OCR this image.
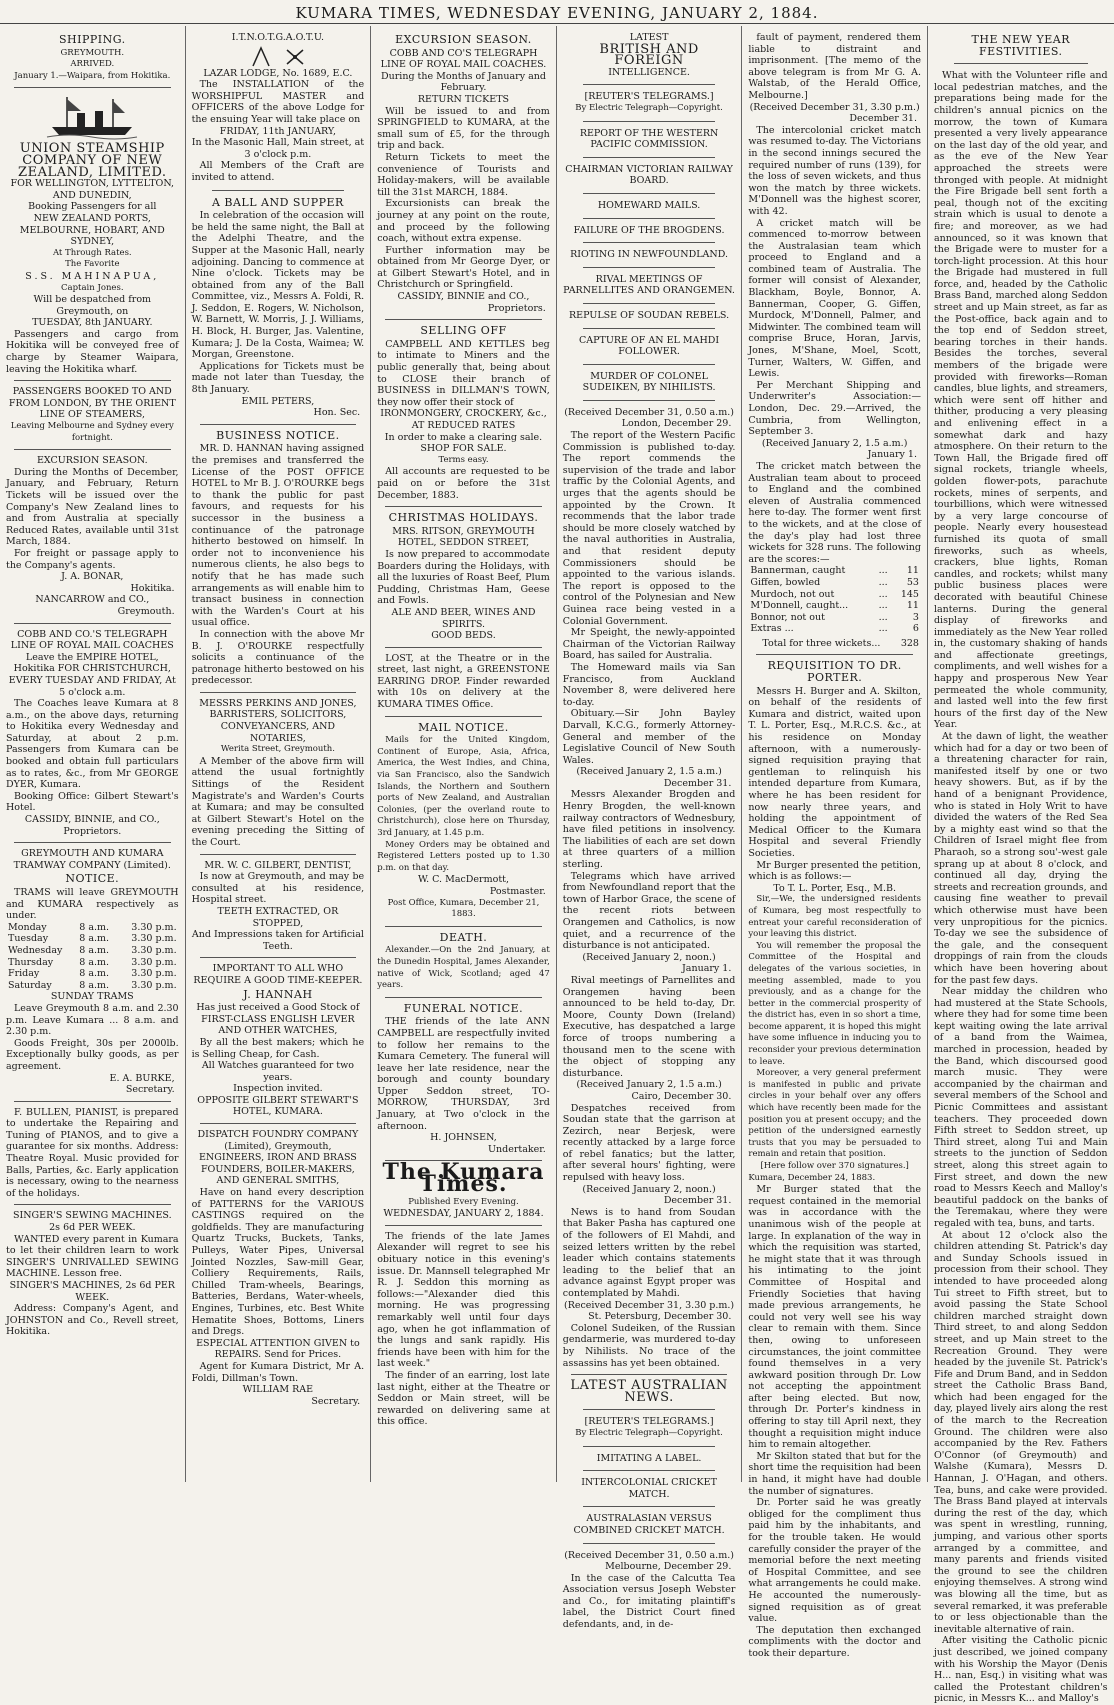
KUMARA TIMES, WEDNESDAY EVENING, JANUARY 2, 1884.
SHIPPING.
GREYMOUTH.
ARRIVED.
January 1.—Waipara, from Hokitika.
UNION STEAMSHIP COMPANY OF NEW ZEALAND, LIMITED.
FOR WELLINGTON, LYTTELTON, AND DUNEDIN,
Booking Passengers for all
NEW ZEALAND PORTS, MELBOURNE, HOBART, AND SYDNEY,
At Through Rates.
The Favorite
S.S. MAHINAPUA,
Captain Jones.
Will be despatched from Greymouth, on
TUESDAY, 8th JANUARY.
Passengers and cargo from Hokitika will be conveyed free of charge by Steamer Waipara, leaving the Hokitika wharf.
PASSENGERS BOOKED TO AND FROM LONDON, BY THE ORIENT LINE OF STEAMERS,
Leaving Melbourne and Sydney every fortnight.
EXCURSION SEASON.
During the Months of December, January, and February, Return Tickets will be issued over the Company's New Zealand lines to and from Australia at specially Reduced Rates, available until 31st March, 1884.
For freight or passage apply to the Company's agents.
J. A. BONAR,
Hokitika.
NANCARROW and CO.,
Greymouth.
COBB AND CO.'S TELEGRAPH LINE OF ROYAL MAIL COACHES
Leave the EMPIRE HOTEL, Hokitika FOR CHRISTCHURCH,
EVERY TUESDAY AND FRIDAY, At 5 o'clock a.m.
The Coaches leave Kumara at 8 a.m., on the above days, returning to Hokitika every Wednesday and Saturday, at about 2 p.m. Passengers from Kumara can be booked and obtain full particulars as to rates, &c., from Mr GEORGE DYER, Kumara.
Booking Office: Gilbert Stewart's Hotel.
CASSIDY, BINNIE, and CO., Proprietors.
GREYMOUTH AND KUMARA TRAMWAY COMPANY (Limited).
NOTICE.
TRAMS will leave GREYMOUTH and KUMARA respectively as under.
Monday	8 a.m.	3.30 p.m.
Tuesday	8 a.m.	3.30 p.m.
Wednesday	8 a.m.	3.30 p.m.
Thursday	8 a.m.	3.30 p.m.
Friday	8 a.m.	3.30 p.m.
Saturday	8 a.m.	3.30 p.m.
SUNDAY TRAMS
Leave Greymouth 8 a.m. and 2.30 p.m. Leave Kumara ... 8 a.m. and 2.30 p.m.
Goods Freight, 30s per 2000lb. Exceptionally bulky goods, as per agreement.
E. A. BURKE,
Secretary.
F. BULLEN, PIANIST, is prepared to undertake the Repairing and Tuning of PIANOS, and to give a guarantee for six months. Address: Theatre Royal. Music provided for Balls, Parties, &c. Early application is necessary, owing to the nearness of the holidays.
SINGER'S SEWING MACHINES.
2s 6d PER WEEK.
WANTED every parent in Kumara to let their children learn to work SINGER'S UNRIVALLED SEWING MACHINE. Lesson free.
SINGER'S MACHINES, 2s 6d PER WEEK.
Address: Company's Agent, and JOHNSTON and Co., Revell street, Hokitika.
I.T.N.O.T.G.A.O.T.U.
LAZAR LODGE, No. 1689, E.C.
The INSTALLATION of the WORSHIPFUL MASTER and OFFICERS of the above Lodge for the ensuing Year will take place on
FRIDAY, 11th JANUARY,
In the Masonic Hall, Main street, at 3 o'clock p.m.
All Members of the Craft are invited to attend.
A BALL AND SUPPER
In celebration of the occasion will be held the same night, the Ball at the Adelphi Theatre, and the Supper at the Masonic Hall, nearly adjoining. Dancing to commence at Nine o'clock. Tickets may be obtained from any of the Ball Committee, viz., Messrs A. Foldi, R. J. Seddon, E. Rogers, W. Nicholson, W. Barnett, W. Morris, J. J. Williams, H. Block, H. Burger, Jas. Valentine, Kumara; J. De la Costa, Waimea; W. Morgan, Greenstone.
Applications for Tickets must be made not later than Tuesday, the 8th January.
EMIL PETERS,
Hon. Sec.
BUSINESS NOTICE.
MR. D. HANNAN having assigned the premises and transferred the License of the POST OFFICE HOTEL to Mr B. J. O'ROURKE begs to thank the public for past favours, and requests for his successor in the business a continuance of the patronage hitherto bestowed on himself. In order not to inconvenience his numerous clients, he also begs to notify that he has made such arrangements as will enable him to transact business in connection with the Warden's Court at his usual office.
In connection with the above Mr B. J. O'ROURKE respectfully solicits a continuance of the patronage hitherto bestowed on his predecessor.
MESSRS PERKINS AND JONES, BARRISTERS, SOLICITORS, CONVEYANCERS, AND NOTARIES,
Werita Street, Greymouth.
A Member of the above firm will attend the usual fortnightly Sittings of the Resident Magistrate's and Warden's Courts at Kumara; and may be consulted at Gilbert Stewart's Hotel on the evening preceding the Sitting of the Court.
MR. W. C. GILBERT, DENTIST,
Is now at Greymouth, and may be consulted at his residence, Hospital street.
TEETH EXTRACTED, OR STOPPED,
And Impressions taken for Artificial Teeth.
IMPORTANT TO ALL WHO REQUIRE A GOOD TIME-KEEPER.
J. HANNAH
Has just received a Good Stock of FIRST-CLASS ENGLISH LEVER AND OTHER WATCHES,
By all the best makers; which he is Selling Cheap, for Cash.
All Watches guaranteed for two years.
Inspection invited.
OPPOSITE GILBERT STEWART'S HOTEL, KUMARA.
DISPATCH FOUNDRY COMPANY (Limited), Greymouth, ENGINEERS, IRON AND BRASS FOUNDERS, BOILER-MAKERS, AND GENERAL SMITHS,
Have on hand every description of PATTERNS for the VARIOUS CASTINGS required on the goldfields. They are manufacturing Quartz Trucks, Buckets, Tanks, Pulleys, Water Pipes, Universal Jointed Nozzles, Saw-mill Gear, Colliery Requirements, Rails, Chilled Tram-wheels, Bearings, Batteries, Berdans, Water-wheels, Engines, Turbines, etc. Best White Hematite Shoes, Bottoms, Liners and Dregs.
ESPECIAL ATTENTION GIVEN to REPAIRS. Send for Prices.
Agent for Kumara District, Mr A. Foldi, Dillman's Town.
WILLIAM RAE
Secretary.
EXCURSION SEASON.
COBB AND CO'S TELEGRAPH LINE OF ROYAL MAIL COACHES.
During the Months of January and February.
RETURN TICKETS
Will be issued to and from SPRINGFIELD to KUMARA, at the small sum of £5, for the through trip and back.
Return Tickets to meet the convenience of Tourists and Holiday-makers, will be available till the 31st MARCH, 1884.
Excursionists can break the journey at any point on the route, and proceed by the following coach, without extra expense.
Further information may be obtained from Mr George Dyer, or at Gilbert Stewart's Hotel, and in Christchurch or Springfield.
CASSIDY, BINNIE and CO.,
Proprietors.
SELLING OFF
CAMPBELL AND KETTLES beg to intimate to Miners and the public generally that, being about to CLOSE their branch of BUSINESS in DILLMAN'S TOWN, they now offer their stock of
IRONMONGERY, CROCKERY, &c., AT REDUCED RATES
In order to make a clearing sale.
SHOP FOR SALE.
Terms easy.
All accounts are requested to be paid on or before the 31st December, 1883.
CHRISTMAS HOLIDAYS.
MRS. RITSON, GREYMOUTH HOTEL, SEDDON STREET,
Is now prepared to accommodate Boarders during the Holidays, with all the luxuries of Roast Beef, Plum Pudding, Christmas Ham, Geese and Fowls.
ALE AND BEER, WINES AND SPIRITS.
GOOD BEDS.
LOST, at the Theatre or in the street, last night, a GREENSTONE EARRING DROP. Finder rewarded with 10s on delivery at the KUMARA TIMES Office.
MAIL NOTICE.
Mails for the United Kingdom, Continent of Europe, Asia, Africa, America, the West Indies, and China, via San Francisco, also the Sandwich Islands, the Northern and Southern ports of New Zealand, and Australian Colonies, (per the overland route to Christchurch), close here on Thursday, 3rd January, at 1.45 p.m.
Money Orders may be obtained and Registered Letters posted up to 1.30 p.m. on that day.
W. C. MacDermott,
Postmaster.
Post Office, Kumara, December 21, 1883.
DEATH.
Alexander.—On the 2nd January, at the Dunedin Hospital, James Alexander, native of Wick, Scotland; aged 47 years.
FUNERAL NOTICE.
THE friends of the late ANN CAMPBELL are respectfully invited to follow her remains to the Kumara Cemetery. The funeral will leave her late residence, near the borough and county boundary Upper Seddon street, TO-MORROW, THURSDAY, 3rd January, at Two o'clock in the afternoon.
H. JOHNSEN,
Undertaker.
The Kumara Times.
Published Every Evening.
WEDNESDAY, JANUARY 2, 1884.
The friends of the late James Alexander will regret to see his obituary notice in this evening's issue. Dr. Mannsell telegraphed Mr R. J. Seddon this morning as follows:—"Alexander died this morning. He was progressing remarkably well until four days ago, when he got inflammation of the lungs and sank rapidly. His friends have been with him for the last week."
The finder of an earring, lost late last night, either at the Theatre or Seddon or Main street, will be rewarded on delivering same at this office.
LATEST
BRITISH AND FOREIGN
INTELLIGENCE.
[REUTER'S TELEGRAMS.]
By Electric Telegraph—Copyright.
REPORT OF THE WESTERN PACIFIC COMMISSION.
CHAIRMAN VICTORIAN RAILWAY BOARD.
HOMEWARD MAILS.
FAILURE OF THE BROGDENS.
RIOTING IN NEWFOUNDLAND.
RIVAL MEETINGS OF PARNELLITES AND ORANGEMEN.
REPULSE OF SOUDAN REBELS.
CAPTURE OF AN EL MAHDI FOLLOWER.
MURDER OF COLONEL SUDEIKEN, BY NIHILISTS.
(Received December 31, 0.50 a.m.)
London, December 29.
The report of the Western Pacific Commission is published to-day. The report commends the supervision of the trade and labor traffic by the Colonial Agents, and urges that the agents should be appointed by the Crown. It recommends that the labor trade should be more closely watched by the naval authorities in Australia, and that resident deputy Commissioners should be appointed to the various islands. The report is opposed to the control of the Polynesian and New Guinea race being vested in a Colonial Government.
Mr Speight, the newly-appointed Chairman of the Victorian Railway Board, has sailed for Australia.
The Homeward mails via San Francisco, from Auckland November 8, were delivered here to-day.
Obituary.—Sir John Bayley Darvall, K.C.G., formerly Attorney-General and member of the Legislative Council of New South Wales.
(Received January 2, 1.5 a.m.)
December 31.
Messrs Alexander Brogden and Henry Brogden, the well-known railway contractors of Wednesbury, have filed petitions in insolvency. The liabilities of each are set down at three quarters of a million sterling.
Telegrams which have arrived from Newfoundland report that the town of Harbor Grace, the scene of the recent riots between Orangemen and Catholics, is now quiet, and a recurrence of the disturbance is not anticipated.
(Received January 2, noon.)
January 1.
Rival meetings of Parnellites and Orangemen having been announced to be held to-day, Dr. Moore, County Down (Ireland) Executive, has despatched a large force of troops numbering a thousand men to the scene with the object of stopping any disturbance.
(Received January 2, 1.5 a.m.)
Cairo, December 30.
Despatches received from Soudan state that the garrison at Zezirch, near Berjesk, were recently attacked by a large force of rebel fanatics; but the latter, after several hours' fighting, were repulsed with heavy loss.
(Received January 2, noon.)
December 31.
News is to hand from Soudan that Baker Pasha has captured one of the followers of El Mahdi, and seized letters written by the rebel leader which contains statements leading to the belief that an advance against Egypt proper was contemplated by Mahdi.
(Received December 31, 3.30 p.m.)
St. Petersburg, December 30.
Colonel Sudeiken, of the Russian gendarmerie, was murdered to-day by Nihilists. No trace of the assassins has yet been obtained.
LATEST AUSTRALIAN NEWS.
[REUTER'S TELEGRAMS.]
By Electric Telegraph—Copyright.
IMITATING A LABEL.
INTERCOLONIAL CRICKET MATCH.
AUSTRALASIAN VERSUS COMBINED CRICKET MATCH.
(Received December 31, 0.50 a.m.)
Melbourne, December 29.
In the case of the Calcutta Tea Association versus Joseph Webster and Co., for imitating plaintiff's label, the District Court fined defendants, and, in de-
fault of payment, rendered them liable to distraint and imprisonment. [The memo of the above telegram is from Mr G. A. Walstab, of the Herald Office, Melbourne.]
(Received December 31, 3.30 p.m.)
December 31.
The intercolonial cricket match was resumed to-day. The Victorians in the second innings secured the required number of runs (139), for the loss of seven wickets, and thus won the match by three wickets. M'Donnell was the highest scorer, with 42.
A cricket match will be commenced to-morrow between the Australasian team which proceed to England and a combined team of Australia. The former will consist of Alexander, Blackham, Boyle, Bonnor, A. Bannerman, Cooper, G. Giffen, Murdock, M'Donnell, Palmer, and Midwinter. The combined team will comprise Bruce, Horan, Jarvis, Jones, M'Shane, Moel, Scott, Turner, Walters, W. Giffen, and Lewis.
Per Merchant Shipping and Underwriter's Association:—London, Dec. 29.—Arrived, the Cumbria, from Wellington, September 3.
(Received January 2, 1.5 a.m.)
January 1.
The cricket match between the Australian team about to proceed to England and the combined eleven of Australia commenced here to-day. The former went first to the wickets, and at the close of the day's play had lost three wickets for 328 runs. The following are the scores:—
Bannerman, caught	...	11
Giffen, bowled	...	53
Murdoch, not out	...	145
M'Donnell, caught...	...	11
Bonnor, not out	...	3
Extras ...	...	6
Total for three wickets...	328
REQUISITION TO DR. PORTER.
Messrs H. Burger and A. Skilton, on behalf of the residents of Kumara and district, waited upon T. L. Porter, Esq., M.R.C.S. &c., at his residence on Monday afternoon, with a numerously-signed requisition praying that gentleman to relinquish his intended departure from Kumara, where he has been resident for now nearly three years, and holding the appointment of Medical Officer to the Kumara Hospital and several Friendly Societies.
Mr Burger presented the petition, which is as follows:—
To T. L. Porter, Esq., M.B.
Sir,—We, the undersigned residents of Kumara, beg most respectfully to entreat your careful reconsideration of your leaving this district.
You will remember the proposal the Committee of the Hospital and delegates of the various societies, in meeting assembled, made to you previously, and as a change for the better in the commercial prosperity of the district has, even in so short a time, become apparent, it is hoped this might have some influence in inducing you to reconsider your previous determination to leave.
Moreover, a very general preferment is manifested in public and private circles in your behalf over any offers which have recently been made for the position you at present occupy; and the petition of the undersigned earnestly trusts that you may be persuaded to remain and retain that position.
[Here follow over 370 signatures.]
Kumara, December 24, 1883.
Mr Burger stated that the request contained in the memorial was in accordance with the unanimous wish of the people at large. In explanation of the way in which the requisition was started, he might state that it was through his intimating to the joint Committee of Hospital and Friendly Societies that having made previous arrangements, he could not very well see his way clear to remain with them. Since then, owing to unforeseen circumstances, the joint committee found themselves in a very awkward position through Dr. Low not accepting the appointment after being elected. But now, through Dr. Porter's kindness in offering to stay till April next, they thought a requisition might induce him to remain altogether.
Mr Skilton stated that but for the short time the requisition had been in hand, it might have had double the number of signatures.
Dr. Porter said he was greatly obliged for the compliment thus paid him by the inhabitants, and for the trouble taken. He would carefully consider the prayer of the memorial before the next meeting of Hospital Committee, and see what arrangements he could make. He accounted the numerously-signed requisition as of great value.
The deputation then exchanged compliments with the doctor and took their departure.
THE NEW YEAR FESTIVITIES.
What with the Volunteer rifle and local pedestrian matches, and the preparations being made for the children's annual picnics on the morrow, the town of Kumara presented a very lively appearance on the last day of the old year, and as the eve of the New Year approached the streets were thronged with people. At midnight the Fire Brigade bell sent forth a peal, though not of the exciting strain which is usual to denote a fire; and moreover, as we had announced, so it was known that the Brigade were to muster for a torch-light procession. At this hour the Brigade had mustered in full force, and, headed by the Catholic Brass Band, marched along Seddon street and up Main street, as far as the Post-office, back again and to the top end of Seddon street, bearing torches in their hands. Besides the torches, several members of the brigade were provided with fireworks—Roman candles, blue lights, and streamers, which were sent off hither and thither, producing a very pleasing and enlivening effect in a somewhat dark and hazy atmosphere. On their return to the Town Hall, the Brigade fired off signal rockets, triangle wheels, golden flower-pots, parachute rockets, mines of serpents, and tourbillions, which were witnessed by a very large concourse of people. Nearly every housestead furnished its quota of small fireworks, such as wheels, crackers, blue lights, Roman candles, and rockets; whilst many public business places were decorated with beautiful Chinese lanterns. During the general display of fireworks and immediately as the New Year rolled in, the customary shaking of hands and affectionate greetings, compliments, and well wishes for a happy and prosperous New Year permeated the whole community, and lasted well into the few first hours of the first day of the New Year.
At the dawn of light, the weather which had for a day or two been of a threatening character for rain, manifested itself by one or two heavy showers. But, as if by the hand of a benignant Providence, who is stated in Holy Writ to have divided the waters of the Red Sea by a mighty east wind so that the Children of Israel might flee from Pharaoh, so a strong sou'-west gale sprang up at about 8 o'clock, and continued all day, drying the streets and recreation grounds, and causing fine weather to prevail which otherwise must have been very unpropitious for the picnics. To-day we see the subsidence of the gale, and the consequent droppings of rain from the clouds which have been hovering about for the past few days.
Near midday the children who had mustered at the State Schools, where they had for some time been kept waiting owing the late arrival of a band from the Waimea, marched in procession, headed by the Band, which discoursed good march music. They were accompanied by the chairman and several members of the School and Picnic Committees and assistant teachers. They proceeded down Fifth street to Seddon street, up Third street, along Tui and Main streets to the junction of Seddon street, along this street again to First street, and down the new road to Messrs Keech and Malloy's beautiful paddock on the banks of the Teremakau, where they were regaled with tea, buns, and tarts.
At about 12 o'clock also the children attending St. Patrick's day and Sunday Schools issued in procession from their school. They intended to have proceeded along Tui street to Fifth street, but to avoid passing the State School children marched straight down Third street, to and along Seddon street, and up Main street to the Recreation Ground. They were headed by the juvenile St. Patrick's Fife and Drum Band, and in Seddon street the Catholic Brass Band, which had been engaged for the day, played lively airs along the rest of the march to the Recreation Ground. The children were also accompanied by the Rev. Fathers O'Connor (of Greymouth) and Walshe (Kumara), Messrs D. Hannan, J. O'Hagan, and others. Tea, buns, and cake were provided. The Brass Band played at intervals during the rest of the day, which was spent in wrestling, running, jumping, and various other sports arranged by a committee, and many parents and friends visited the ground to see the children enjoying themselves. A strong wind was blowing all the time, but as several remarked, it was preferable to or less objectionable than the inevitable alternative of rain.
After visiting the Catholic picnic just described, we joined company with his Worship the Mayor (Denis H... nan, Esq.) in visiting what was called the Protestant children's picnic, in Messrs K... and Malloy's
